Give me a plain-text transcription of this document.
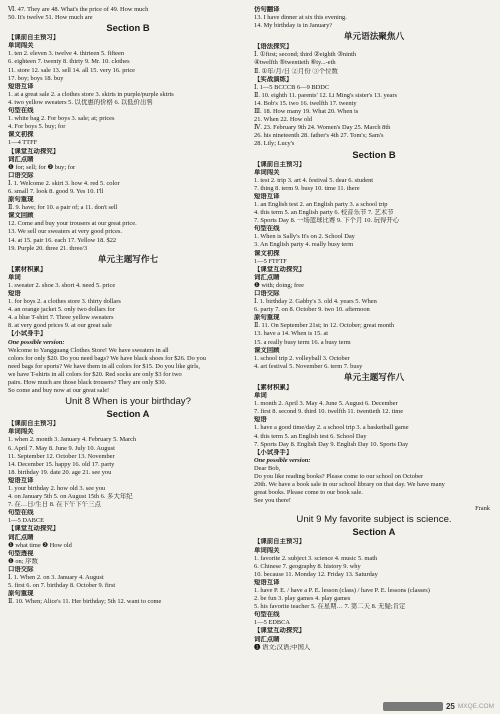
Ⅵ. 47. They are 48. What's the price of 49. How much
50. It's twelve 51. How much are
Section B
【课前自主预习】
单词闯关
1. ten 2. eleven 3. twelve 4. thirteen 5. fifteen
6. eighteen 7. twenty 8. thirty 9. Mr. 10. clothes
11. store 12. sale 13. sell 14. all 15. very 16. price
17. boy; boys 18. buy
短语互译
1. at a great sale 2. a clothes store 3. skirts in purple/purple skirts
4. two yellow sweaters 5. 以优惠的价格 6. 以低价出售
句型在线
1. white bag 2. For boys 3. sale; at; prices
4. For boys 5. buy; for
课文初探
1—4 TTFF
【课堂互动探究】
词汇点睛
❶ for; sell; for ❷ buy; for
口语交际
Ⅰ. 1. Welcome 2. skirt 3. how 4. red 5. color
6. small 7. look 8. good 9. Yes 10. I'll
原句重现
Ⅱ. 9. have; for 10. a pair of; a 11. don't sell
课文回顾
12. Come and buy your trousers at our great price.
13. We sell our sweaters at very good prices.
14. at 15. pair 16. each 17. Yellow 18. $22
19. Purple 20. three 21. three/3
单元主题写作七
【素材积累】
单词
1. sweater 2. shoe 3. short 4. need 5. price
短语
1. for boys 2. a clothes store 3. thirty dollars
4. an orange jacket 5. only two dollars for
4. a blue T-shirt 7. Three yellow sweaters
8. at very good prices 9. at our great sale
【小试身手】
One possible version:
Welcome to Yangguang Clothes Store! We have sweaters in all
colors for only $20. Do you need bags? We have black shoes for $26. Do you
need bags for sports? We have them in all colors for $15. Do you like girls,
we have T-shirts in all colors for $20. Red socks are only $3 for two
pairs. How much are those black trousers? They are only $30.
So come and buy now at our great sale!
Unit 8 When is your birthday?
Section A
【课前自主预习】
单词闯关
1. when 2. month 3. January 4. February 5. March
6. April 7. May 8. June 9. July 10. August
11. September 12. October 13. November
14. December 15. happy 16. old 17. party
18. birthday 19. date 20. age 21. see you
短语互译
1. your birthday 2. how old 3. see you
4. on January 5th 5. on August 15th 6. 多大年纪
7. 在…日/生日 8. 在下午下午三点
句型在线
1—5 DABCE
【课堂互动探究】
词汇点睛
❶ what time ❷ How old
句型透视
❶ on; 序数
口语交际
Ⅰ. 1. When 2. on 3. January 4. August
5. first 6. on 7. birthday 8. October 9. first
原句重现
Ⅱ. 10. When; Alice's 11. Her birthday; 5th 12. want to come
仿句翻译
13. I have dinner at six this evening.
14. My birthday is in January?
单元语法聚焦八
【语法探究】
Ⅰ. ①first; second; third ②eighth ③ninth
④twelfth ⑤twentieth ⑥ty...-eth
Ⅱ. ①年/月/日 ②月份 ③个位数
【实战演练】
Ⅰ. 1—5 BCCCB 6—9 BDDC
Ⅱ. 10. eighth 11. parents' 12. Li Ming's sister's 13. years
14. Bob's 15. two 16. twelfth 17. twenty
Ⅲ. 18. How many 19. What 20. When is
21. When 22. How old
Ⅳ. 23. February 9th 24. Women's Day 25. March 8th
26. his nineteenth 28. father's 4th 27. Tom's; Sam's
28. Lily; Lucy's
Section B
【课前自主预习】
单词闯关
1. test 2. trip 3. art 4. festival 5. dear 6. student
7. thing 8. term 9. busy 10. time 11. there
短语互译
1. an English test 2. an English party 3. a school trip
4. this term 5. an English party 6. 校音乐节 7. 艺术节
7. Sports Day 8. 一场篮球比赛 9. 下个月 10. 玩得开心
句型在线
1. When is Sally's It's on 2. School Day
3. An English party 4. really busy term
课文初探
1—5 FTFTF
【课堂互动探究】
词汇点睛
❶ with; doing; free
口语交际
Ⅰ. 1. birthday 2. Gabby's 3. old 4. years 5. When
6. party 7. on 8. October 9. two 10. afternoon
原句重现
Ⅱ. 11. On September 21st; in 12. October; great month
13. have a 14. When is 15. at
15. a really busy term 16. a busy term
课文回顾
1. school trip 2. volleyball 3. October
4. art festival 5. November 6. term 7. busy
单元主题写作八
【素材积累】
单词
1. month 2. April 3. May 4. June 5. August 6. December
7. first 8. second 9. third 10. twelfth 11. twentieth 12. time
短语
1. have a good time/day 2. a school trip 3. a basketball game
4. this term 5. an English test 6. School Day
7. Sports Day 8. English Day 9. English Day 10. Sports Day
【小试身手】
One possible version:
Dear Bob,
Do you like reading books? Please come to our school on October
20th. We have a book sale in our school library on that day. We have many
great books. Please come to our book sale.
See you there!
Frank
Unit 9 My favorite subject is science.
Section A
【课前自主预习】
单词闯关
1. favorite 2. subject 3. science 4. music 5. math
6. Chinese 7. geography 8. history 9. why
10. because 11. Monday 12. Friday 13. Saturday
短语互译
1. have P. E. / have a P. E. lesson (class) / have P. E. lessons (classes)
2. be fun 3. play games 4. play games
5. his favorite teacher 5. 在星期… 7. 第二天 8. 无疑;肯定
句型在线
1—5 EDBCA
【课堂互动探究】
词汇点睛
❶ 语文;汉语;中国人
25 MXQE.COM
